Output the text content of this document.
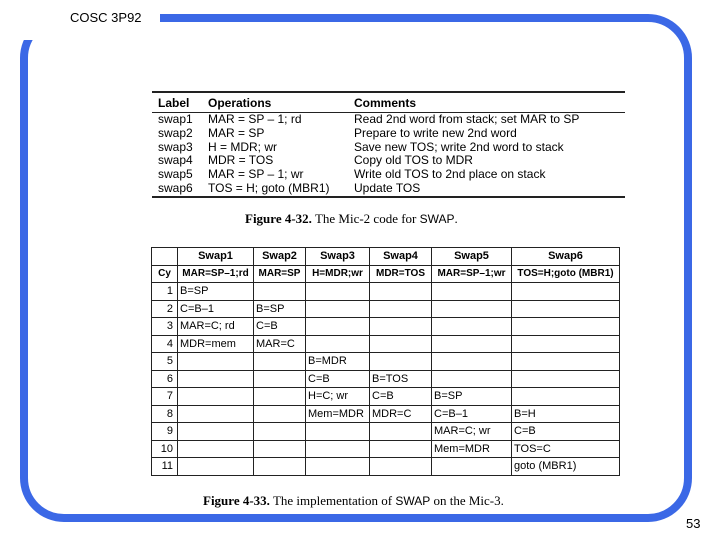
COSC 3P92
Label	Operations	Comments
swap1	MAR = SP – 1; rd	Read 2nd word from stack; set MAR to SP
swap2	MAR = SP	Prepare to write new 2nd word
swap3	H = MDR; wr	Save new TOS; write 2nd word to stack
swap4	MDR = TOS	Copy old TOS to MDR
swap5	MAR = SP – 1; wr	Write old TOS to 2nd place on stack
swap6	TOS = H; goto (MBR1)	Update TOS
Figure 4-32. The Mic-2 code for SWAP.
	Swap1	Swap2	Swap3	Swap4	Swap5	Swap6
Cy	MAR=SP–1;rd	MAR=SP	H=MDR;wr	MDR=TOS	MAR=SP–1;wr	TOS=H;goto (MBR1)
1	B=SP					
2	C=B–1	B=SP				
3	MAR=C; rd	C=B				
4	MDR=mem	MAR=C				
5			B=MDR			
6			C=B	B=TOS		
7			H=C; wr	C=B	B=SP	
8			Mem=MDR	MDR=C	C=B–1	B=H
9					MAR=C; wr	C=B
10					Mem=MDR	TOS=C
11						goto (MBR1)
Figure 4-33. The implementation of SWAP on the Mic-3.
53
